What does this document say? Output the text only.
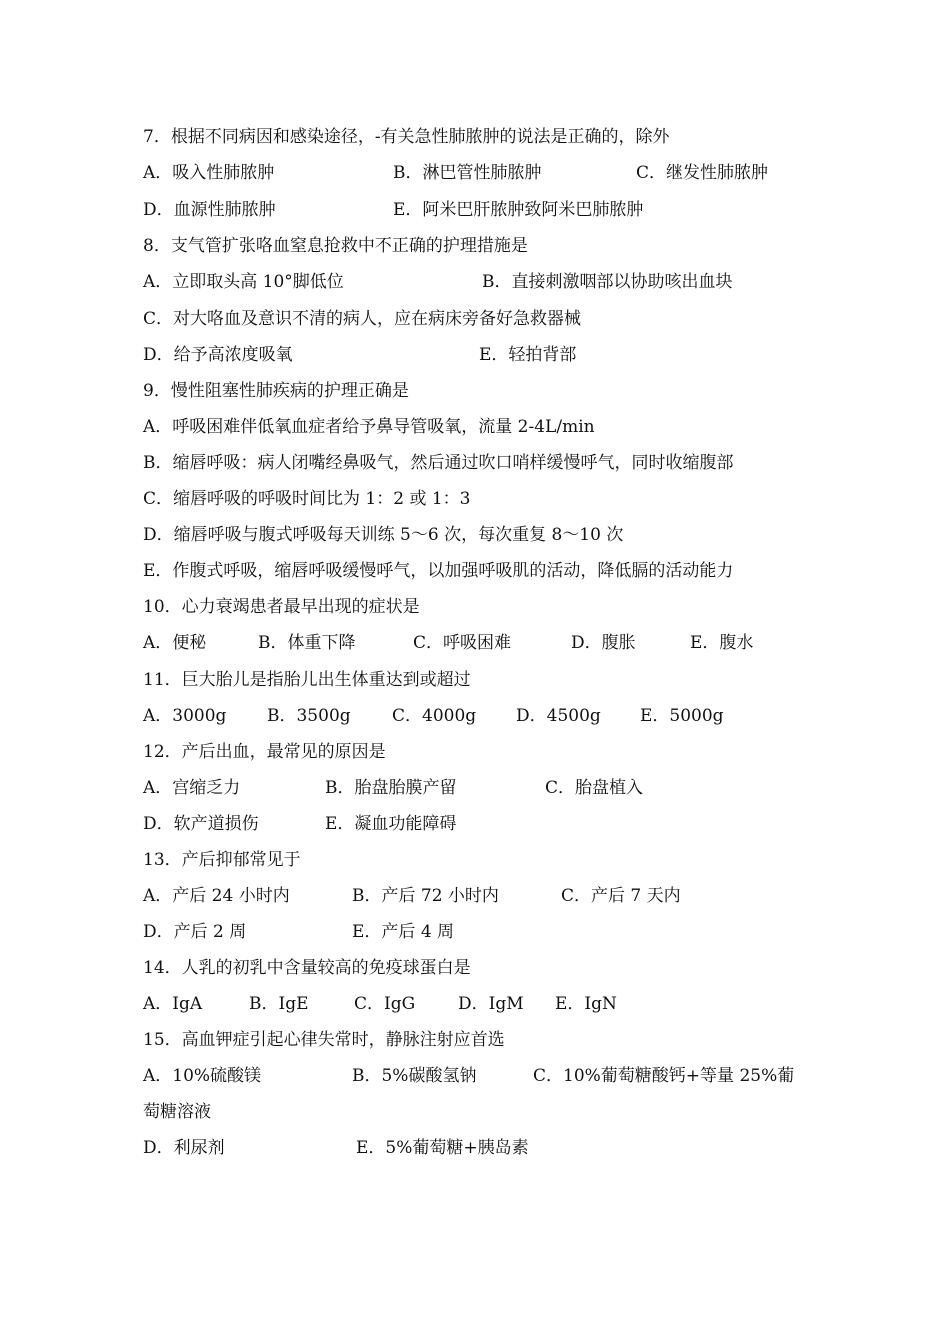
7．根据不同病因和感染途径，-有关急性肺脓肿的说法是正确的，除外
A．吸入性肺脓肿	B．淋巴管性肺脓肿	C．继发性肺脓肿
D．血源性肺脓肿	E．阿米巴肝脓肿致阿米巴肺脓肿
8．支气管扩张咯血窒息抢救中不正确的护理措施是
A．立即取头高 10°脚低位	B．直接刺激咽部以协助咳出血块
C．对大咯血及意识不清的病人，应在病床旁备好急救器械
D．给予高浓度吸氧	E．轻拍背部
9．慢性阻塞性肺疾病的护理正确是
A．呼吸困难伴低氧血症者给予鼻导管吸氧，流量 2-4L/min
B．缩唇呼吸：病人闭嘴经鼻吸气，然后通过吹口哨样缓慢呼气，同时收缩腹部
C．缩唇呼吸的呼吸时间比为 1：2 或 1：3
D．缩唇呼吸与腹式呼吸每天训练 5～6 次，每次重复 8～10 次
E．作腹式呼吸，缩唇呼吸缓慢呼气，以加强呼吸肌的活动，降低膈的活动能力
10．心力衰竭患者最早出现的症状是
A．便秘	B．体重下降	C．呼吸困难	D．腹胀	E．腹水
11．巨大胎儿是指胎儿出生体重达到或超过
A．3000g B．3500g C．4000g D．4500g E．5000g
12．产后出血，最常见的原因是
A．宫缩乏力	B．胎盘胎膜产留	C．胎盘植入
D．软产道损伤	E．凝血功能障碍
13．产后抑郁常见于
A．产后 24 小时内	B．产后 72 小时内	C．产后 7 天内
D．产后 2 周	E．产后 4 周
14．人乳的初乳中含量较高的免疫球蛋白是
A．IgA	B．IgE	C．IgG	D．IgM E．IgN
15．高血钾症引起心律失常时，静脉注射应首选
A．10%硫酸镁	B．5%碳酸氢钠	C．10%葡萄糖酸钙+等量 25%葡
萄糖溶液
D．利尿剂	E．5%葡萄糖+胰岛素
